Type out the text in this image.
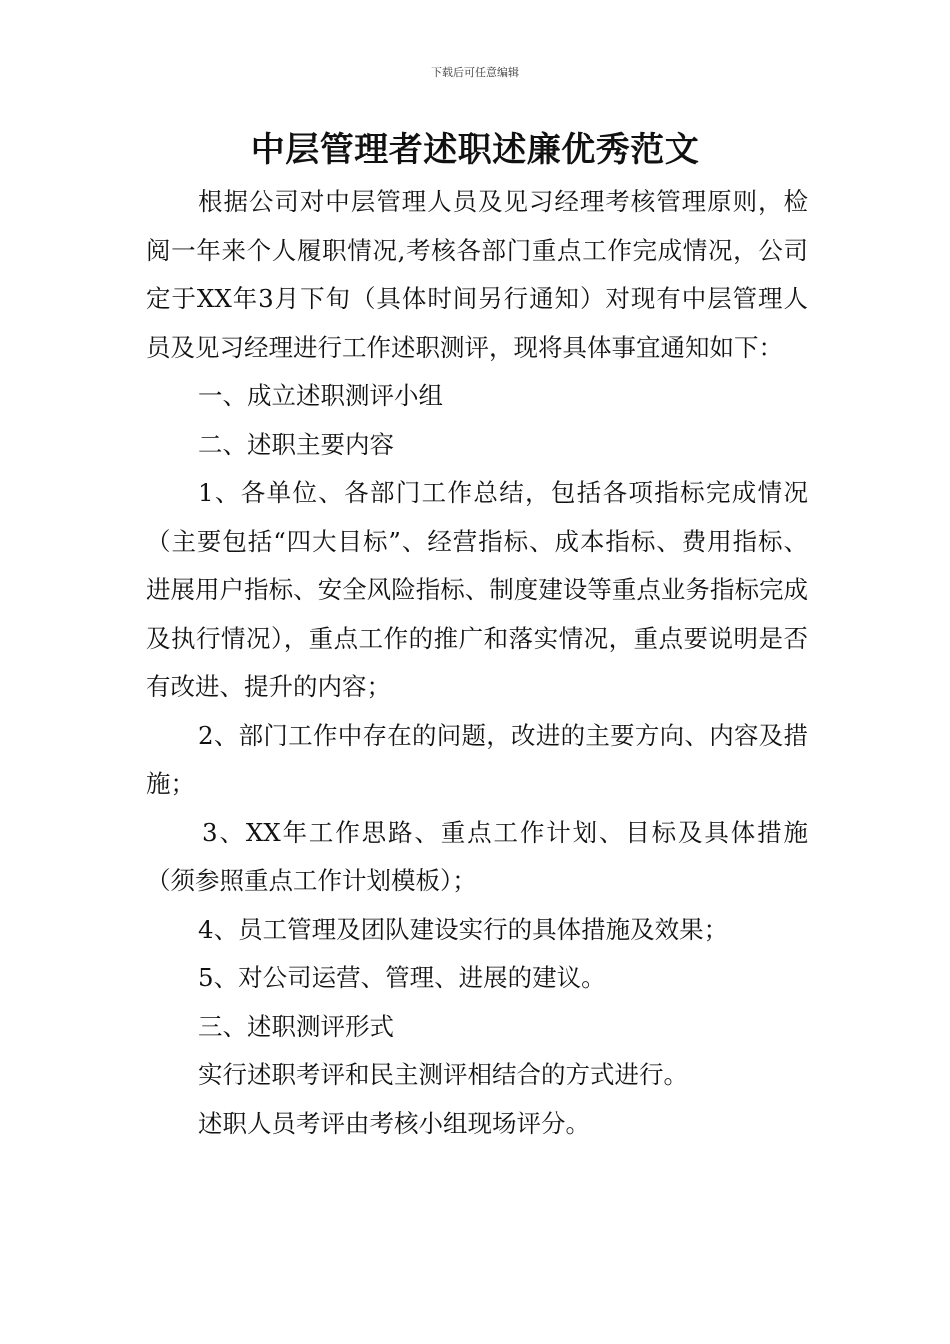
下载后可任意编辑
中层管理者述职述廉优秀范文

根据公司对中层管理人员及见习经理考核管理原则，检阅一年来个人履职情况,考核各部门重点工作完成情况，公司定于XX年3月下旬（具体时间另行通知）对现有中层管理人员及见习经理进行工作述职测评，现将具体事宜通知如下：

一、成立述职测评小组

二、述职主要内容

1、各单位、各部门工作总结，包括各项指标完成情况（主要包括“四大目标”、经营指标、成本指标、费用指标、进展用户指标、安全风险指标、制度建设等重点业务指标完成及执行情况），重点工作的推广和落实情况，重点要说明是否有改进、提升的内容；

2、部门工作中存在的问题，改进的主要方向、内容及措施；

3、XX年工作思路、重点工作计划、目标及具体措施（须参照重点工作计划模板）；

4、员工管理及团队建设实行的具体措施及效果；

5、对公司运营、管理、进展的建议。

三、述职测评形式

实行述职考评和民主测评相结合的方式进行。

述职人员考评由考核小组现场评分。
